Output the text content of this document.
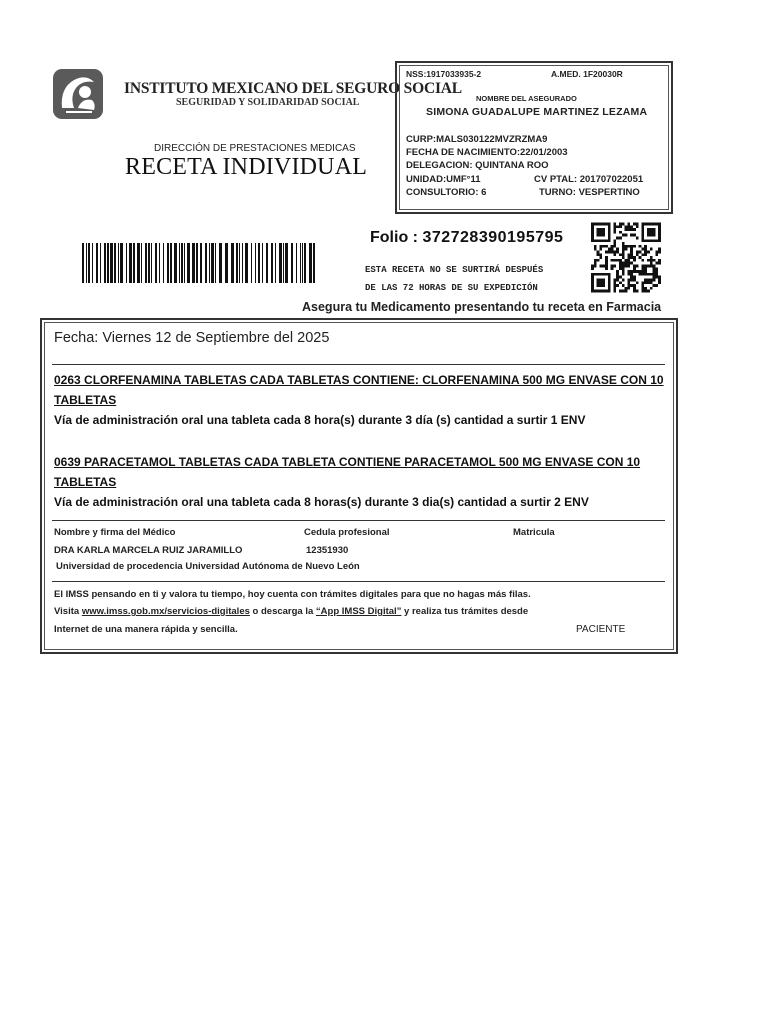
INSTITUTO MEXICANO DEL SEGURO SOCIAL
SEGURIDAD Y SOLIDARIDAD SOCIAL
DIRECCIÓN DE PRESTACIONES MEDICAS
RECETA INDIVIDUAL
NSS:1917033935-2	A.MED. 1F20030R
NOMBRE DEL ASEGURADO
SIMONA GUADALUPE MARTINEZ LEZAMA
CURP:MALS030122MVZRZMA9
FECHA DE NACIMIENTO:22/01/2003
DELEGACION: QUINTANA ROO
UNIDAD:UMF°11	CV PTAL: 201707022051
CONSULTORIO: 6	TURNO: VESPERTINO
Folio : 372728390195795
ESTA RECETA NO SE SURTIRÁ DESPUÉS
DE LAS 72 HORAS DE SU EXPEDICIÓN
Asegura tu Medicamento presentando tu receta en Farmacia
Fecha: Viernes 12 de Septiembre del 2025
0263 CLORFENAMINA TABLETAS CADA TABLETAS CONTIENE: CLORFENAMINA 500 MG ENVASE CON 10
TABLETAS
Vía de administración oral una tableta cada 8 hora(s) durante 3 día (s) cantidad a surtir 1 ENV
0639 PARACETAMOL TABLETAS CADA TABLETA CONTIENE PARACETAMOL 500 MG ENVASE CON 10
TABLETAS
Vía de administración oral una tableta cada 8 horas(s) durante 3 dia(s) cantidad a surtir 2 ENV
Nombre y firma del Médico	Cedula profesional	Matricula
DRA KARLA MARCELA RUIZ JARAMILLO	12351930
Universidad de procedencia Universidad Autónoma de Nuevo León
El IMSS pensando en ti y valora tu tiempo, hoy cuenta con trámites digitales para que no hagas más filas.
Visita www.imss.gob.mx/servicios-digitales o descarga la “App IMSS Digital” y realiza tus trámites desde
Internet de una manera rápida y sencilla.	PACIENTE
